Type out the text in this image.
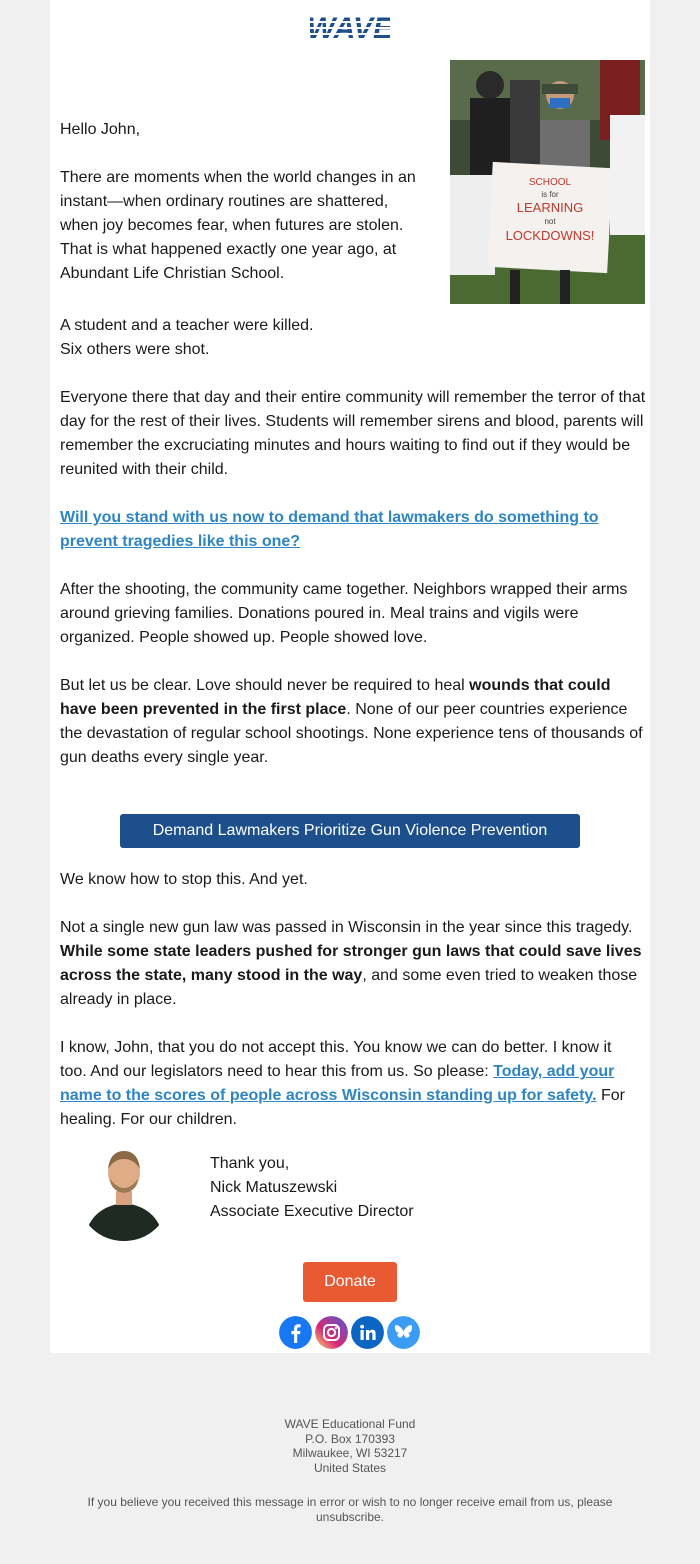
SCHOOL
is for
LEARNING
not
LOCKDOWNS!
Hello John,
There are moments when the world changes in an instant—when ordinary routines are shattered, when joy becomes fear, when futures are stolen. That is what happened exactly one year ago, at Abundant Life Christian School.
A student and a teacher were killed.
Six others were shot.
Everyone there that day and their entire community will remember the terror of that day for the rest of their lives. Students will remember sirens and blood, parents will remember the excruciating minutes and hours waiting to find out if they would be reunited with their child.
Will you stand with us now to demand that lawmakers do something to prevent tragedies like this one?
After the shooting, the community came together. Neighbors wrapped their arms around grieving families. Donations poured in. Meal trains and vigils were organized. People showed up. People showed love.
But let us be clear. Love should never be required to heal wounds that could have been prevented in the first place. None of our peer countries experience the devastation of regular school shootings. None experience tens of thousands of gun deaths every single year.
Demand Lawmakers Prioritize Gun Violence Prevention
We know how to stop this. And yet.
Not a single new gun law was passed in Wisconsin in the year since this tragedy. While some state leaders pushed for stronger gun laws that could save lives across the state, many stood in the way, and some even tried to weaken those already in place.
I know, John, that you do not accept this. You know we can do better. I know it too. And our legislators need to hear this from us. So please: Today, add your name to the scores of people across Wisconsin standing up for safety. For healing. For our children.
Thank you,
Nick Matuszewski
Associate Executive Director
Donate
WAVE Educational Fund
P.O. Box 170393
Milwaukee, WI 53217
United States
If you believe you received this message in error or wish to no longer receive email from us, please
unsubscribe.
